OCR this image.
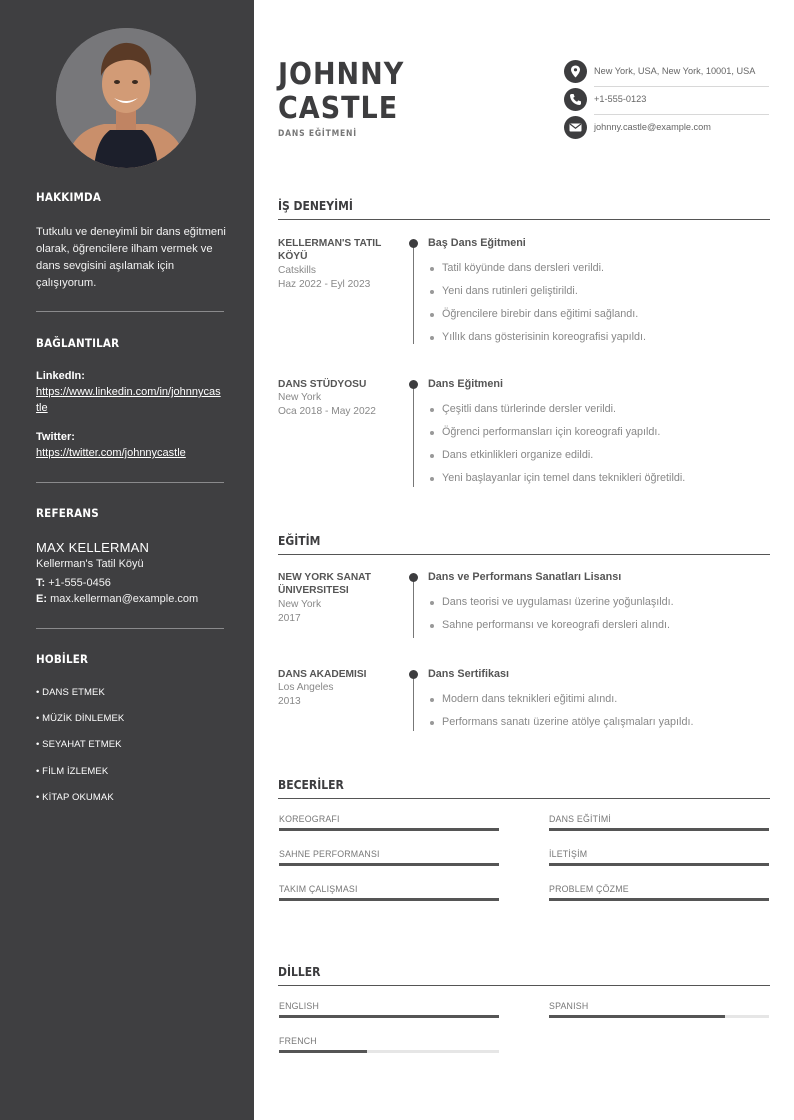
HAKKIMDA
Tutkulu ve deneyimli bir dans eğitmeni olarak, öğrencilere ilham vermek ve dans sevgisini aşılamak için çalışıyorum.
BAĞLANTILAR
LinkedIn:
https://www.linkedin.com/in/johnnycastle
Twitter:
https://twitter.com/johnnycastle
REFERANS
MAX KELLERMAN
Kellerman's Tatil Köyü
T: +1-555-0456
E: max.kellerman@example.com
HOBİLER
• DANS ETMEK
• MÜZİK DİNLEMEK
• SEYAHAT ETMEK
• FİLM İZLEMEK
• KİTAP OKUMAK
JOHNNY
CASTLE
DANS EĞİTMENİ
New York, USA, New York, 10001, USA
+1-555-0123
johnny.castle@example.com
İŞ DENEYİMİ
KELLERMAN'S TATIL KÖYÜ
Catskills
Haz 2022 - Eyl 2023
Baş Dans Eğitmeni
Tatil köyünde dans dersleri verildi.
Yeni dans rutinleri geliştirildi.
Öğrencilere birebir dans eğitimi sağlandı.
Yıllık dans gösterisinin koreografisi yapıldı.
DANS STÜDYOSU
New York
Oca 2018 - May 2022
Dans Eğitmeni
Çeşitli dans türlerinde dersler verildi.
Öğrenci performansları için koreografi yapıldı.
Dans etkinlikleri organize edildi.
Yeni başlayanlar için temel dans teknikleri öğretildi.
EĞİTİM
NEW YORK SANAT ÜNIVERSITESI
New York
2017
Dans ve Performans Sanatları Lisansı
Dans teorisi ve uygulaması üzerine yoğunlaşıldı.
Sahne performansı ve koreografi dersleri alındı.
DANS AKADEMISI
Los Angeles
2013
Dans Sertifikası
Modern dans teknikleri eğitimi alındı.
Performans sanatı üzerine atölye çalışmaları yapıldı.
BECERİLER
KOREOGRAFI	DANS EĞİTİMİ
SAHNE PERFORMANSI	İLETİŞİM
TAKIM ÇALIŞMASI	PROBLEM ÇÖZME
DİLLER
ENGLISH	SPANISH
FRENCH
